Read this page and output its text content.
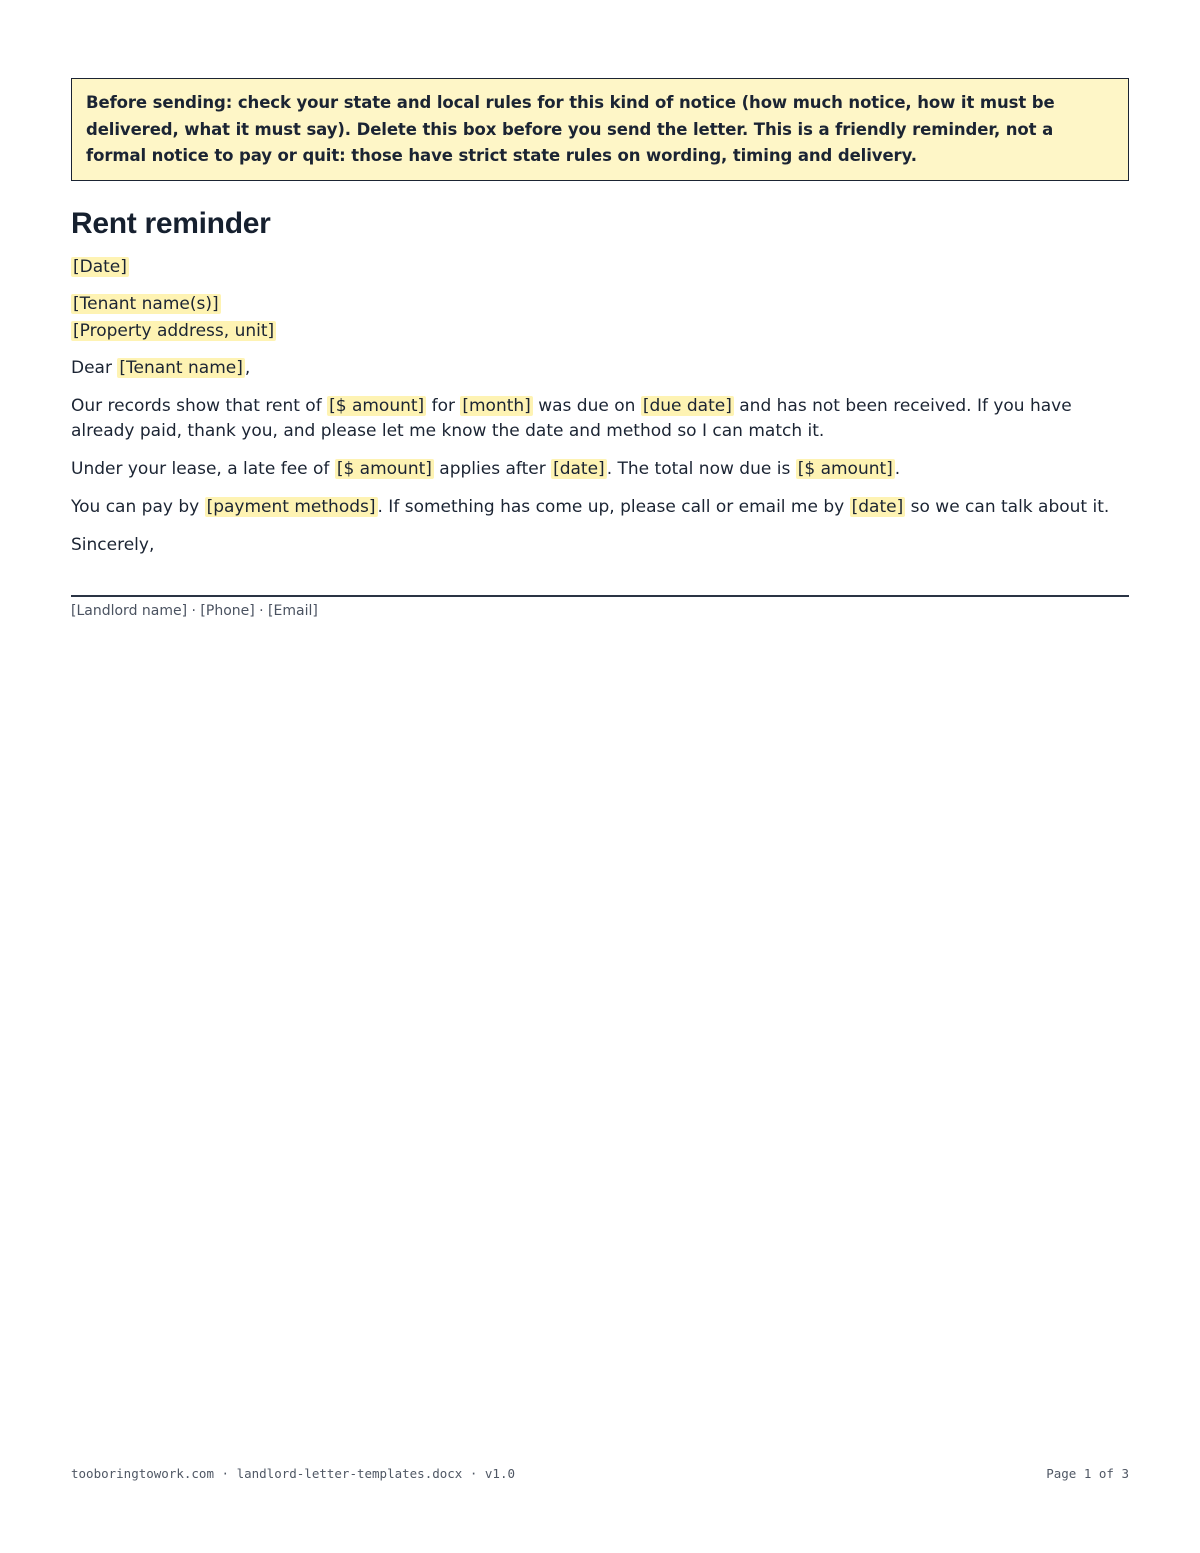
Before sending: check your state and local rules for this kind of notice (how much notice, how it must be delivered, what it must say). Delete this box before you send the letter. This is a friendly reminder, not a formal notice to pay or quit: those have strict state rules on wording, timing and delivery.
Rent reminder
[Date]
[Tenant name(s)]
[Property address, unit]
Dear [Tenant name] ,
Our records show that rent of [$ amount] for [month] was due on [due date] and has not been received. If you have already paid, thank you, and please let me know the date and method so I can match it.
Under your lease, a late fee of [$ amount] applies after [date] . The total now due is [$ amount] .
You can pay by [payment methods] . If something has come up, please call or email me by [date] so we can talk about it.
Sincerely,
[Landlord name] · [Phone] · [Email]
tooboringtowork.com · landlord-letter-templates.docx · v1.0	Page 1 of 3
